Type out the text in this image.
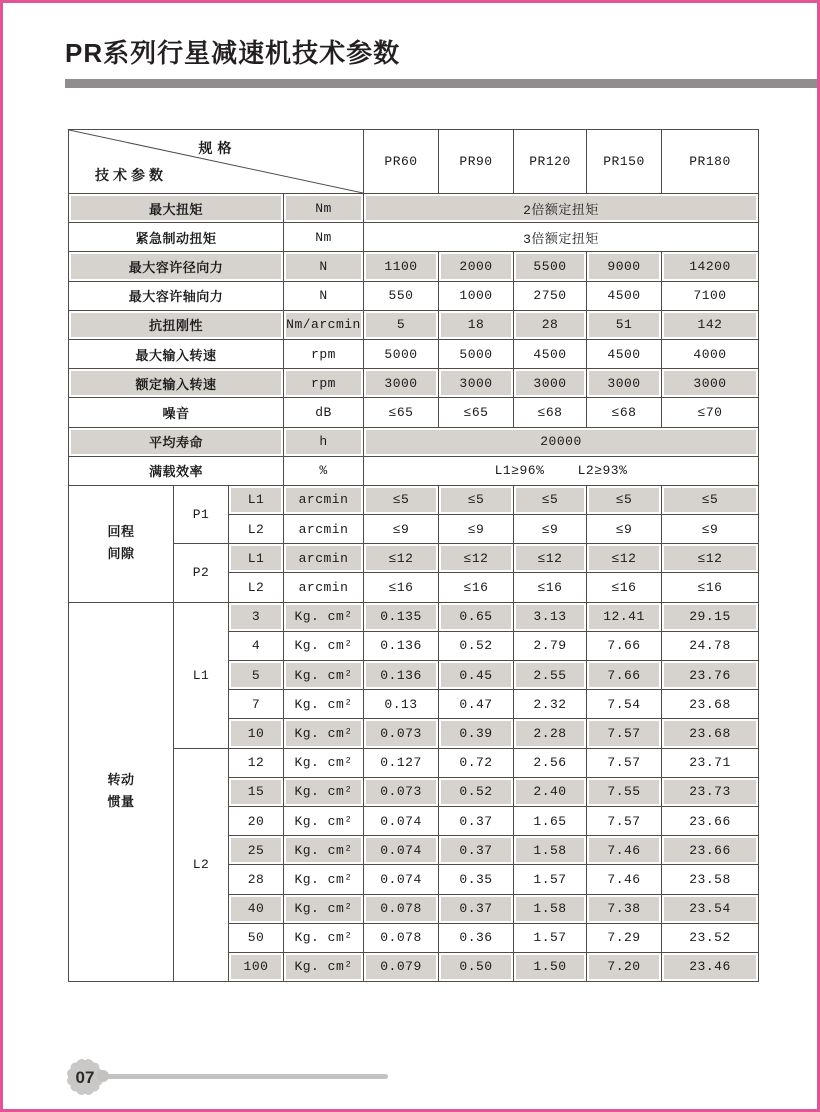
PR系列行星减速机技术参数
规格
技术参数				PR60	PR90	PR120	PR150	PR180
最大扭矩			Nm	2倍额定扭矩				
紧急制动扭矩			Nm	3倍额定扭矩				
最大容许径向力			N	1100	2000	5500	9000	14200
最大容许轴向力			N	550	1000	2750	4500	7100
抗扭刚性			Nm/arcmin	5	18	28	51	142
最大输入转速			rpm	5000	5000	4500	4500	4000
额定输入转速			rpm	3000	3000	3000	3000	3000
噪音			dB	≤65	≤65	≤68	≤68	≤70
平均寿命			h	20000				
满载效率			%	L1≥96%    L2≥93%				
回程
间隙	P1	L1	arcmin	≤5	≤5	≤5	≤5	≤5
		L2	arcmin	≤9	≤9	≤9	≤9	≤9
	P2	L1	arcmin	≤12	≤12	≤12	≤12	≤12
		L2	arcmin	≤16	≤16	≤16	≤16	≤16
转动
惯量	L1	3	Kg. cm²	0.135	0.65	3.13	12.41	29.15
		4	Kg. cm²	0.136	0.52	2.79	7.66	24.78
		5	Kg. cm²	0.136	0.45	2.55	7.66	23.76
		7	Kg. cm²	0.13	0.47	2.32	7.54	23.68
		10	Kg. cm²	0.073	0.39	2.28	7.57	23.68
	L2	12	Kg. cm²	0.127	0.72	2.56	7.57	23.71
		15	Kg. cm²	0.073	0.52	2.40	7.55	23.73
		20	Kg. cm²	0.074	0.37	1.65	7.57	23.66
		25	Kg. cm²	0.074	0.37	1.58	7.46	23.66
		28	Kg. cm²	0.074	0.35	1.57	7.46	23.58
		40	Kg. cm²	0.078	0.37	1.58	7.38	23.54
		50	Kg. cm²	0.078	0.36	1.57	7.29	23.52
		100	Kg. cm²	0.079	0.50	1.50	7.20	23.46
07
